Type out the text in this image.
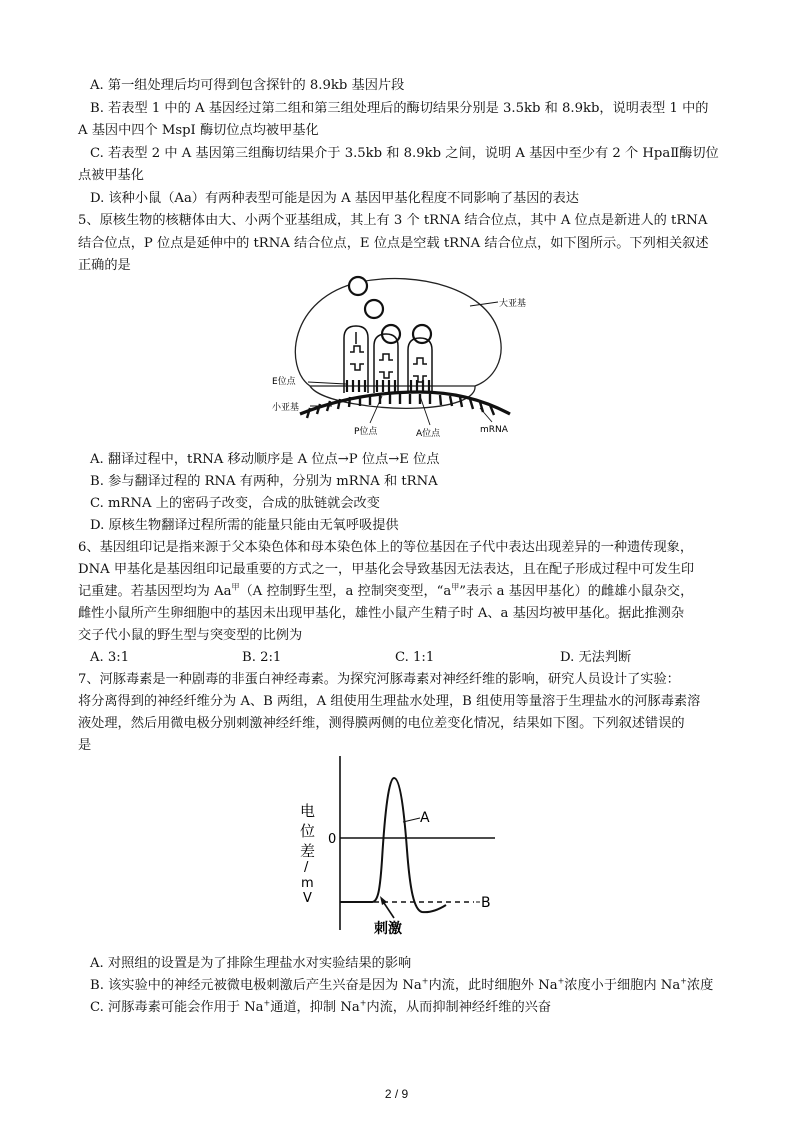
A. 第一组处理后均可得到包含探针的 8.9kb 基因片段
B. 若表型 1 中的 A 基因经过第二组和第三组处理后的酶切结果分别是 3.5kb 和 8.9kb，说明表型 1 中的
A 基因中四个 MspI 酶切位点均被甲基化
C. 若表型 2 中 A 基因第三组酶切结果介于 3.5kb 和 8.9kb 之间，说明 A 基因中至少有 2 个 HpaⅡ酶切位
点被甲基化
D. 该种小鼠（Aa）有两种表型可能是因为 A 基因甲基化程度不同影响了基因的表达
5、原核生物的核糖体由大、小两个亚基组成，其上有 3 个 tRNA 结合位点，其中 A 位点是新进人的 tRNA
结合位点，P 位点是延伸中的 tRNA 结合位点，E 位点是空载 tRNA 结合位点，如下图所示。下列相关叙述
正确的是
大亚基
E位点
小亚基
P位点	A位点	mRNA
A. 翻译过程中，tRNA 移动顺序是 A 位点→P 位点→E 位点
B. 参与翻译过程的 RNA 有两种，分别为 mRNA 和 tRNA
C. mRNA 上的密码子改变，合成的肽链就会改变
D. 原核生物翻译过程所需的能量只能由无氧呼吸提供
6、基因组印记是指来源于父本染色体和母本染色体上的等位基因在子代中表达出现差异的一种遗传现象，
DNA 甲基化是基因组印记最重要的方式之一，甲基化会导致基因无法表达，且在配子形成过程中可发生印
记重建。若基因型均为 $Aa^甲(A$ 控制野生型，a 控制突变型，“$a^甲$”表示 a 基因甲基化）的雌雄小鼠杂交，
雌性小鼠所产生卵细胞中的基因未出现甲基化，雄性小鼠产生精子时 A、a 基因均被甲基化。据此推测杂
交子代小鼠的野生型与突变型的比例为
A. 3:1	B. 2:1	C. 1:1	D. 无法判断
7、河豚毒素是一种剧毒的非蛋白神经毒素。为探究河豚毒素对神经纤维的影响，研究人员设计了实验：
将分离得到的神经纤维分为 A、B 两组，A 组使用生理盐水处理，B 组使用等量溶于生理盐水的河豚毒素溶
液处理，然后用微电极分别刺激神经纤维，测得膜两侧的电位差变化情况，结果如下图。下列叙述错误的
是
电
位
差
/
m
V
0
A
B
刺激
A. 对照组的设置是为了排除生理盐水对实验结果的影响
B. 该实验中的神经元被微电极刺激后产生兴奋是因为 Na+内流，此时细胞外 Na+浓度小于细胞内 Na+浓度
C. 河豚毒素可能会作用于 Na+通道，抑制 Na+内流，从而抑制神经纤维的兴奋
2 / 9
